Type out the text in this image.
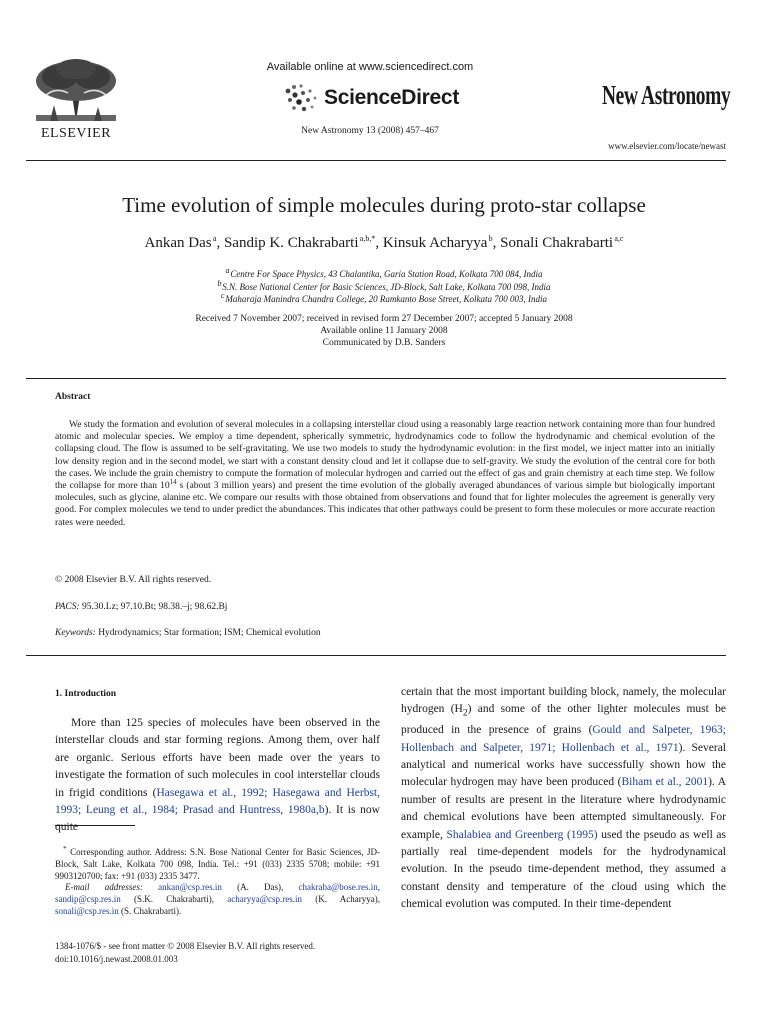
ELSEVIER
Available online at www.sciencedirect.com
ScienceDirect
New Astronomy 13 (2008) 457–467
New Astronomy
www.elsevier.com/locate/newast
Time evolution of simple molecules during proto-star collapse
Ankan Das $^a$, Sandip K. Chakrabarti $^{a,b,*}$, Kinsuk Acharyya $^b$, Sonali Chakrabarti $^{a,c}$
$^a$ Centre For Space Physics, 43 Chalantika, Garia Station Road, Kolkata 700 084, India
$^b$ S.N. Bose National Center for Basic Sciences, JD-Block, Salt Lake, Kolkata 700 098, India
$^c$ Maharaja Manindra Chandra College, 20 Ramkanto Bose Street, Kolkata 700 003, India
Received 7 November 2007; received in revised form 27 December 2007; accepted 5 January 2008
Available online 11 January 2008
Communicated by D.B. Sanders
Abstract

We study the formation and evolution of several molecules in a collapsing interstellar cloud using a reasonably large reaction network containing more than four hundred atomic and molecular species. We employ a time dependent, spherically symmetric, hydrodynamics code to follow the hydrodynamic and chemical evolution of the collapsing cloud. The flow is assumed to be self-gravitating. We use two models to study the hydrodynamic evolution: in the first model, we inject matter into an initially low density region and in the second model, we start with a constant density cloud and let it collapse due to self-gravity. We study the evolution of the central core for both the cases. We include the grain chemistry to compute the formation of molecular hydrogen and carried out the effect of gas and grain chemistry at each time step. We follow the collapse for more than $10^{14}$ s (about 3 million years) and present the time evolution of the globally averaged abundances of various simple but biologically important molecules, such as glycine, alanine etc. We compare our results with those obtained from observations and found that for lighter molecules the agreement is generally very good. For complex molecules we tend to under predict the abundances. This indicates that other pathways could be present to form these molecules or more accurate reaction rates were needed.

© 2008 Elsevier B.V. All rights reserved.
PACS: 95.30.Lz; 97.10.Bt; 98.38.–j; 98.62.Bj
Keywords: Hydrodynamics; Star formation; ISM; Chemical evolution
1. Introduction

More than 125 species of molecules have been observed in the interstellar clouds and star forming regions. Among them, over half are organic. Serious efforts have been made over the years to investigate the formation of such molecules in cool interstellar clouds in frigid conditions (Hasegawa et al., 1992; Hasegawa and Herbst, 1993; Leung et al., 1984; Prasad and Huntress, 1980a,b). It is now quite

* Corresponding author. Address: S.N. Bose National Center for Basic Sciences, JD-Block, Salt Lake, Kolkata 700 098, India. Tel.: +91 (033) 2335 5708; mobile: +91 9903120700; fax: +91 (033) 2335 3477.

E-mail addresses: ankan@csp.res.in (A. Das), chakraba@bose.res.in, sandip@csp.res.in (S.K. Chakrabarti), acharyya@csp.res.in (K. Acharyya), sonali@csp.res.in (S. Chakrabarti).

1384-1076/$ - see front matter © 2008 Elsevier B.V. All rights reserved.
doi:10.1016/j.newast.2008.01.003

certain that the most important building block, namely, the molecular hydrogen $(H_2)$ and some of the other lighter molecules must be produced in the presence of grains (Gould and Salpeter, 1963; Hollenbach and Salpeter, 1971; Hollenbach et al., 1971). Several analytical and numerical works have successfully shown how the molecular hydrogen may have been produced (Biham et al., 2001). A number of results are present in the literature where hydrodynamic and chemical evolutions have been attempted simultaneously. For example, Shalabiea and Greenberg (1995) used the pseudo as well as partially real time-dependent models for the hydrodynamical evolution. In the pseudo time-dependent method, they assumed a constant density and temperature of the cloud using which the chemical evolution was computed. In their time-dependent
